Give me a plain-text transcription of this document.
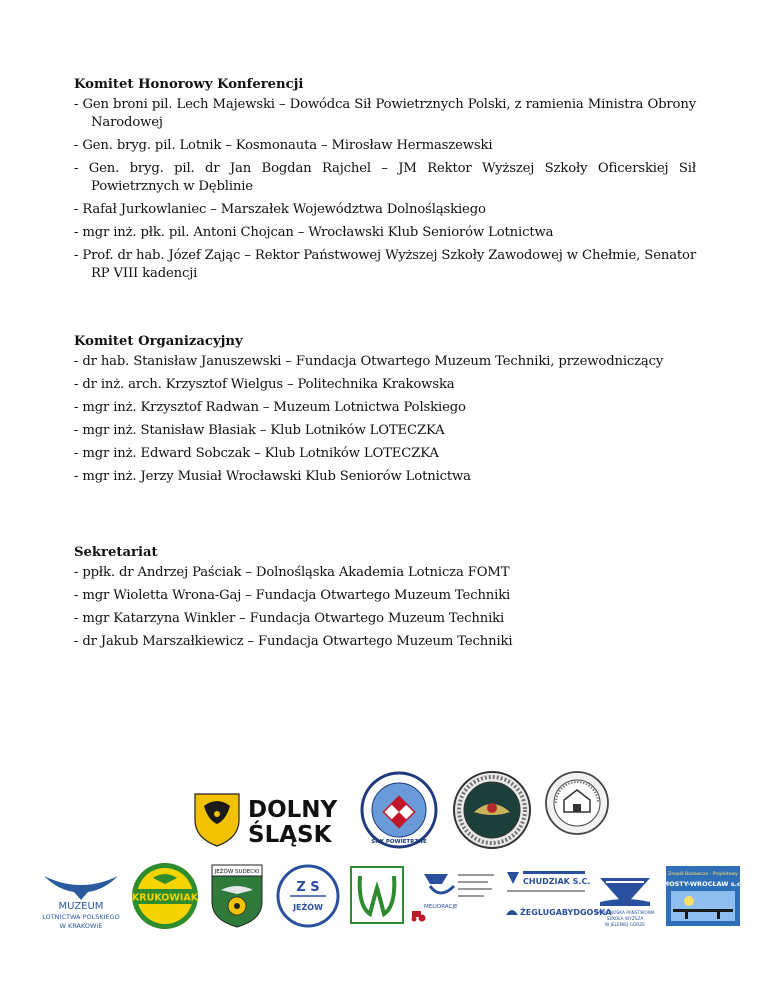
Komitet Honorowy Konferencji

- Gen broni pil. Lech Majewski – Dowódca Sił Powietrznych Polski, z ramienia Ministra Obrony Narodowej

- Gen. bryg. pil. Lotnik – Kosmonauta – Mirosław Hermaszewski

- Gen. bryg. pil. dr Jan Bogdan Rajchel – JM Rektor Wyższej Szkoły Oficerskiej Sił Powietrznych w Dęblinie

- Rafał Jurkowlaniec – Marszałek Województwa Dolnośląskiego

- mgr inż. płk. pil. Antoni Chojcan – Wrocławski Klub Seniorów Lotnictwa

- Prof. dr hab. Józef Zając – Rektor Państwowej Wyższej Szkoły Zawodowej w Chełmie, Senator RP VIII kadencji

Komitet Organizacyjny

- dr hab. Stanisław Januszewski – Fundacja Otwartego Muzeum Techniki, przewodniczący

- dr inż. arch. Krzysztof Wielgus – Politechnika Krakowska

- mgr inż. Krzysztof Radwan – Muzeum Lotnictwa Polskiego

- mgr inż. Stanisław Błasiak – Klub Lotników LOTECZKA

- mgr inż. Edward Sobczak – Klub Lotników LOTECZKA

- mgr inż. Jerzy Musiał Wrocławski Klub Seniorów Lotnictwa

Sekretariat

- ppłk. dr Andrzej Paściak – Dolnośląska Akademia Lotnicza FOMT

- mgr Wioletta Wrona-Gaj – Fundacja Otwartego Muzeum Techniki

- mgr Katarzyna Winkler – Fundacja Otwartego Muzeum Techniki

- dr Jakub Marszałkiewicz – Fundacja Otwartego Muzeum Techniki

DOLNY
ŚLĄSK	SIŁY POWIETRZNE
MUZEUM
LOTNICTWA POLSKIEGO
W KRAKOWIE
KRUKOWIAK
JEŻÓW SUDECKI
Z S
JEŻÓW	MELIORACJE
CHUDZIAK S.C.
ŻEGLUGABYDGOSKA
KARKONOSKA PAŃSTWOWA
SZKOŁA WYŻSZA
W JELENIEJ GÓRZE
Zespół Badawczo - Projektowy
MOSTY-WROCŁAW s.c.
